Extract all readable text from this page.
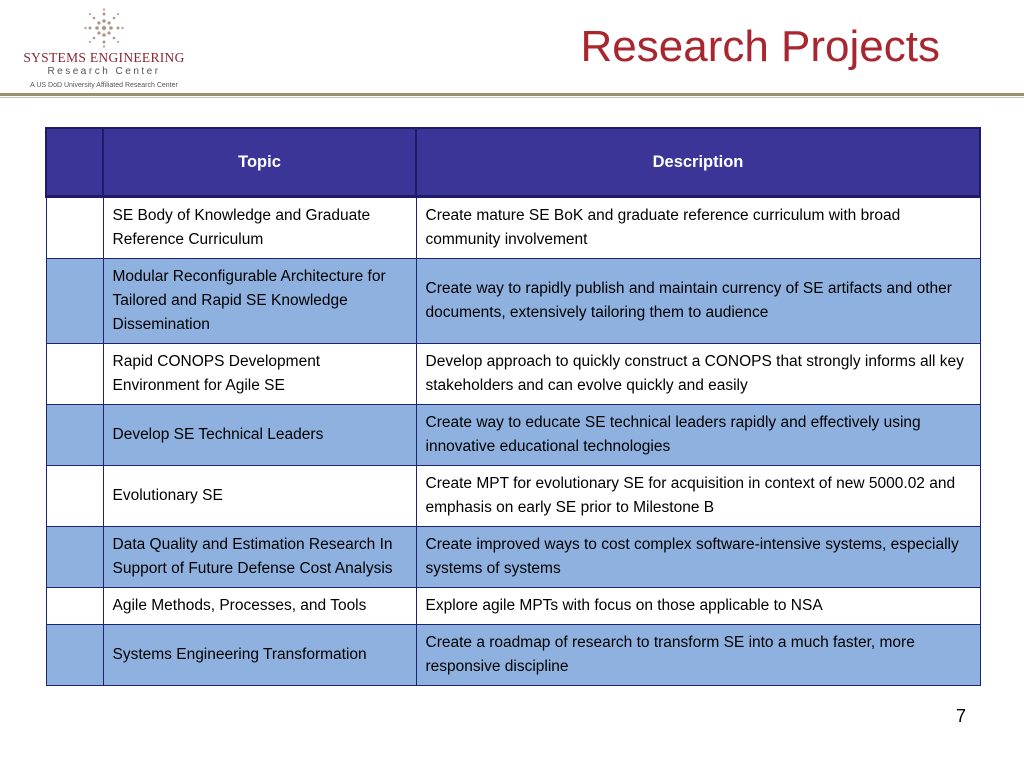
SYSTEMS ENGINEERING
Research Center
A US DoD University Affiliated Research Center
Research Projects
	Topic	Description
	SE Body of Knowledge and Graduate Reference Curriculum	Create mature SE BoK and graduate reference curriculum with broad community involvement
	Modular Reconfigurable Architecture for Tailored and Rapid SE Knowledge Dissemination	Create way to rapidly publish and maintain currency of SE artifacts and other documents, extensively tailoring them to audience
	Rapid CONOPS Development Environment for Agile SE	Develop approach to quickly construct a CONOPS that strongly informs all key stakeholders and can evolve quickly and easily
	Develop SE Technical Leaders	Create way to educate SE technical leaders rapidly and effectively using innovative educational technologies
	Evolutionary SE	Create MPT for evolutionary SE for acquisition in context of new 5000.02 and emphasis on early SE prior to Milestone B
	Data Quality and Estimation Research In Support of Future Defense Cost Analysis	Create improved ways to cost complex software-intensive systems, especially systems of systems
	Agile Methods, Processes, and Tools	Explore agile MPTs with focus on those applicable to NSA
	Systems Engineering Transformation	Create a roadmap of research to transform SE into a much faster, more responsive discipline
7
